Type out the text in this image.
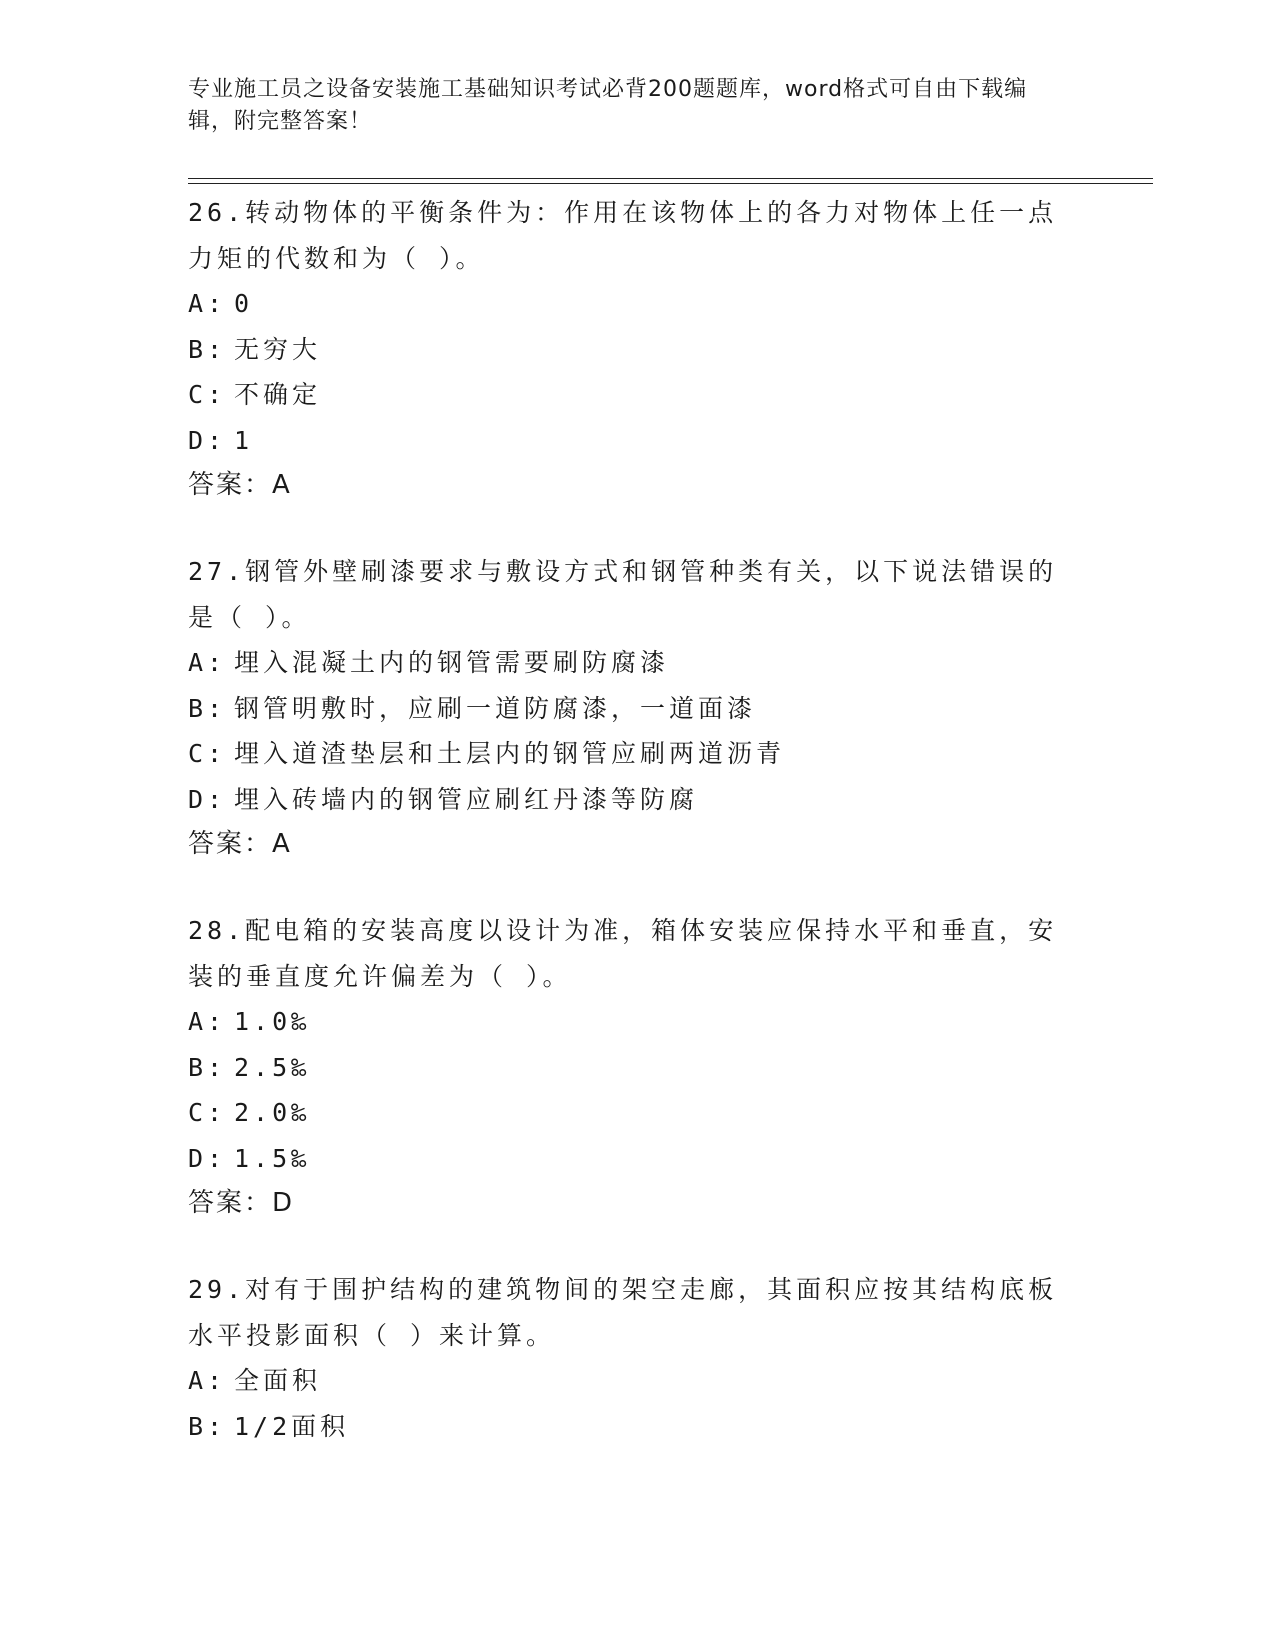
专业施工员之设备安装施工基础知识考试必背200题题库，word格式可自由下载编辑，附完整答案！

26.转动物体的平衡条件为：作用在该物体上的各力对物体上任一点力矩的代数和为（ ）。

A: 0

B: 无穷大

C: 不确定

D: 1

答案：A

27.钢管外壁刷漆要求与敷设方式和钢管种类有关，以下说法错误的是（ ）。

A: 埋入混凝土内的钢管需要刷防腐漆

B: 钢管明敷时，应刷一道防腐漆，一道面漆

C: 埋入道渣垫层和土层内的钢管应刷两道沥青

D: 埋入砖墙内的钢管应刷红丹漆等防腐

答案：A

28.配电箱的安装高度以设计为准，箱体安装应保持水平和垂直，安装的垂直度允许偏差为（ ）。

A: 1.0‰

B: 2.5‰

C: 2.0‰

D: 1.5‰

答案：D

29.对有于围护结构的建筑物间的架空走廊，其面积应按其结构底板水平投影面积（ ）来计算。

A: 全面积

B: 1/2面积
